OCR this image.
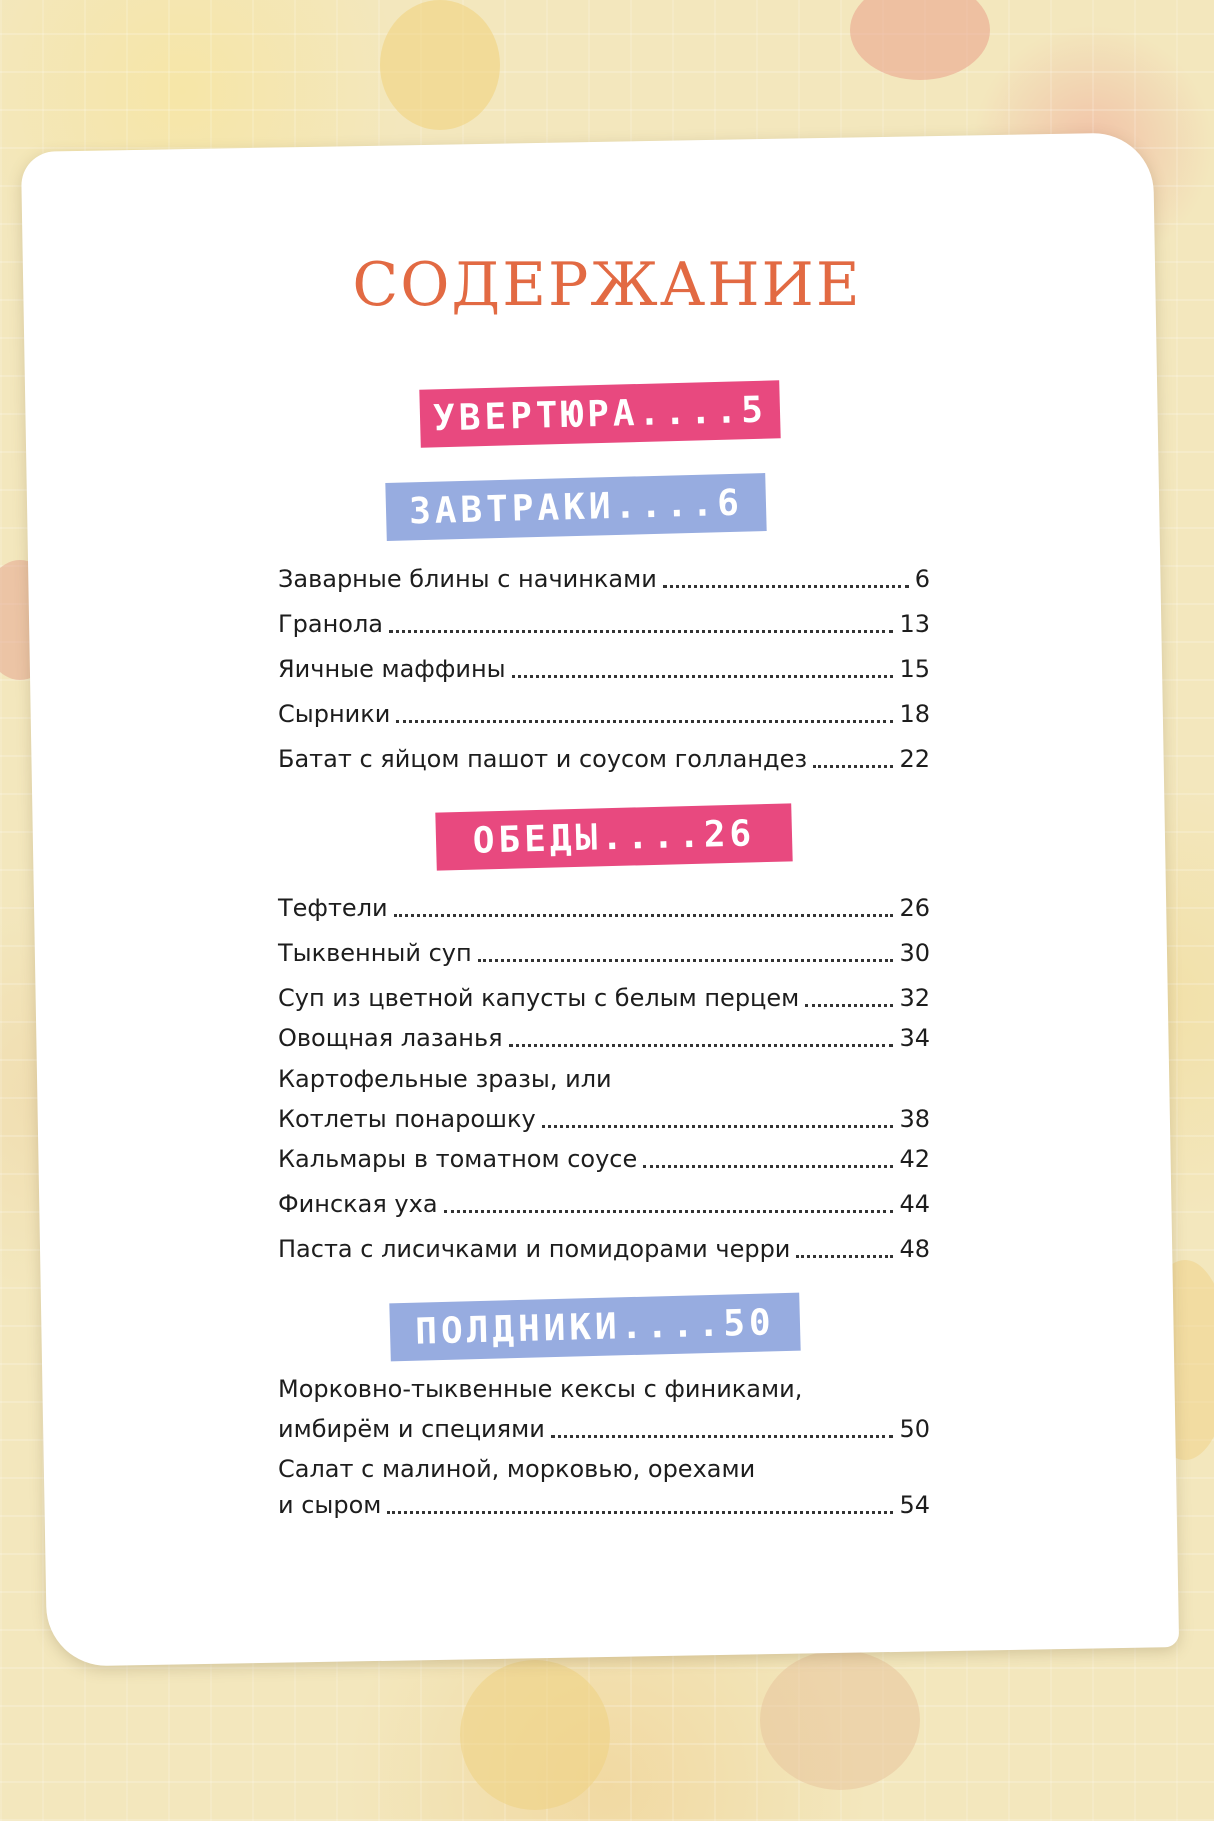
СОДЕРЖАНИЕ
УВЕРТЮРА....5
ЗАВТРАКИ....6
ОБЕДЫ....26
ПОЛДНИКИ....50
Заварные блины с начинками	6
Гранола	13
Яичные маффины	15
Сырники	18
Батат с яйцом пашот и соусом голландез	22
Тефтели	26
Тыквенный суп	30
Суп из цветной капусты с белым перцем	32
Овощная лазанья	34
Картофельные зразы, или
Котлеты понарошку	38
Кальмары в томатном соусе	42
Финская уха	44
Паста с лисичками и помидорами черри	48
Морковно-тыквенные кексы с финиками,
имбирём и специями	50
Салат с малиной, морковью, орехами
и сыром	54
